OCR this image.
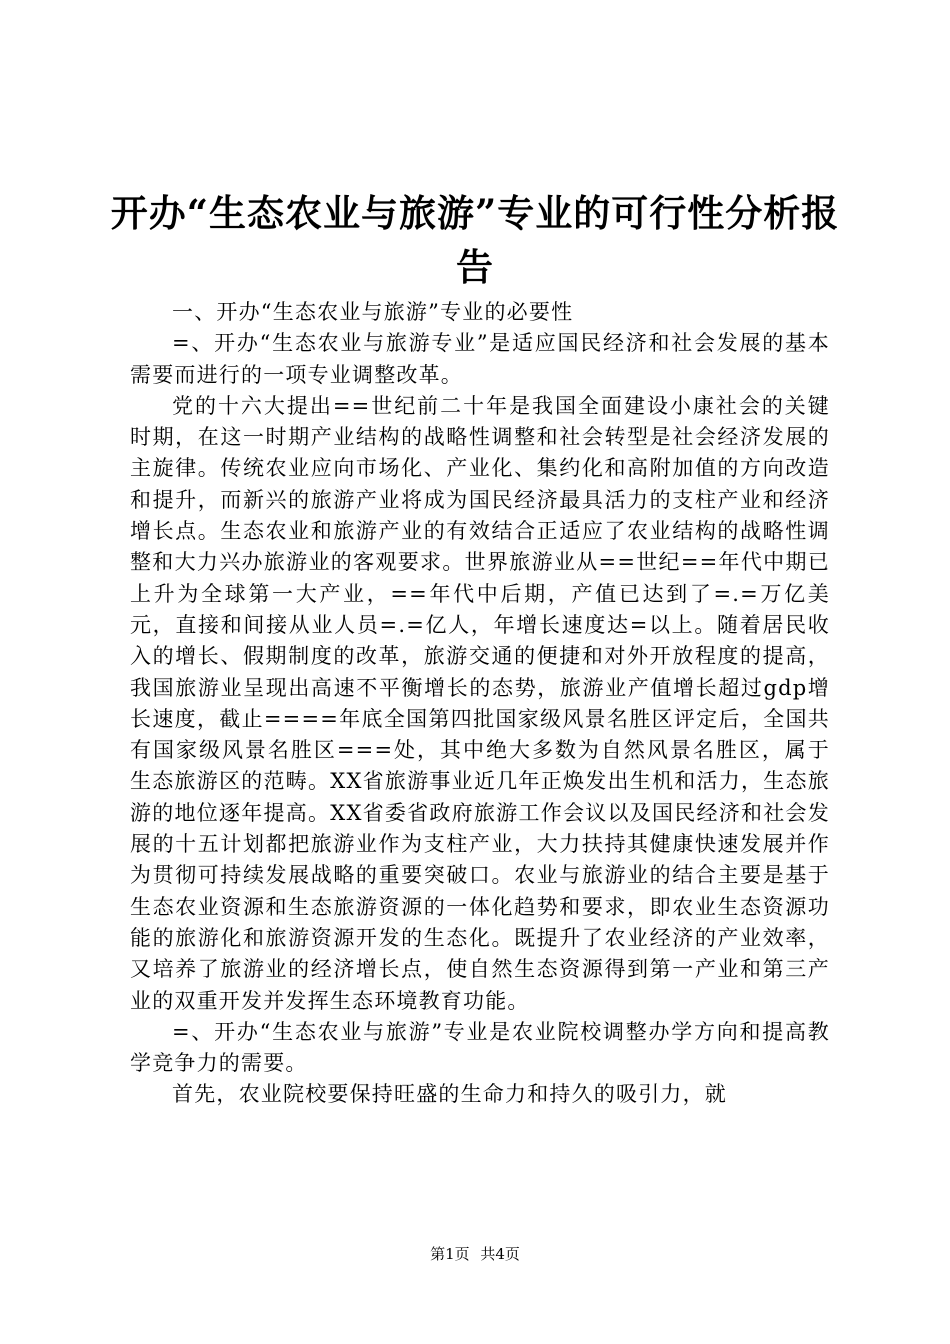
开办“生态农业与旅游”专业的可行性分析报告

一、开办“生态农业与旅游”专业的必要性

=、开办“生态农业与旅游专业”是适应国民经济和社会发展的基本需要而进行的一项专业调整改革。

党的十六大提出==世纪前二十年是我国全面建设小康社会的关键时期，在这一时期产业结构的战略性调整和社会转型是社会经济发展的主旋律。传统农业应向市场化、产业化、集约化和高附加值的方向改造和提升，而新兴的旅游产业将成为国民经济最具活力的支柱产业和经济增长点。生态农业和旅游产业的有效结合正适应了农业结构的战略性调整和大力兴办旅游业的客观要求。世界旅游业从==世纪==年代中期已上升为全球第一大产业，==年代中后期，产值已达到了=.=万亿美元，直接和间接从业人员=.=亿人，年增长速度达=以上。随着居民收入的增长、假期制度的改革，旅游交通的便捷和对外开放程度的提高，我国旅游业呈现出高速不平衡增长的态势，旅游业产值增长超过gdp增长速度，截止====年底全国第四批国家级风景名胜区评定后，全国共有国家级风景名胜区===处，其中绝大多数为自然风景名胜区，属于生态旅游区的范畴。XX省旅游事业近几年正焕发出生机和活力，生态旅游的地位逐年提高。XX省委省政府旅游工作会议以及国民经济和社会发展的十五计划都把旅游业作为支柱产业，大力扶持其健康快速发展并作为贯彻可持续发展战略的重要突破口。农业与旅游业的结合主要是基于生态农业资源和生态旅游资源的一体化趋势和要求，即农业生态资源功能的旅游化和旅游资源开发的生态化。既提升了农业经济的产业效率，又培养了旅游业的经济增长点，使自然生态资源得到第一产业和第三产业的双重开发并发挥生态环境教育功能。

=、开办“生态农业与旅游”专业是农业院校调整办学方向和提高教学竞争力的需要。

首先，农业院校要保持旺盛的生命力和持久的吸引力，就

第1页 共4页
